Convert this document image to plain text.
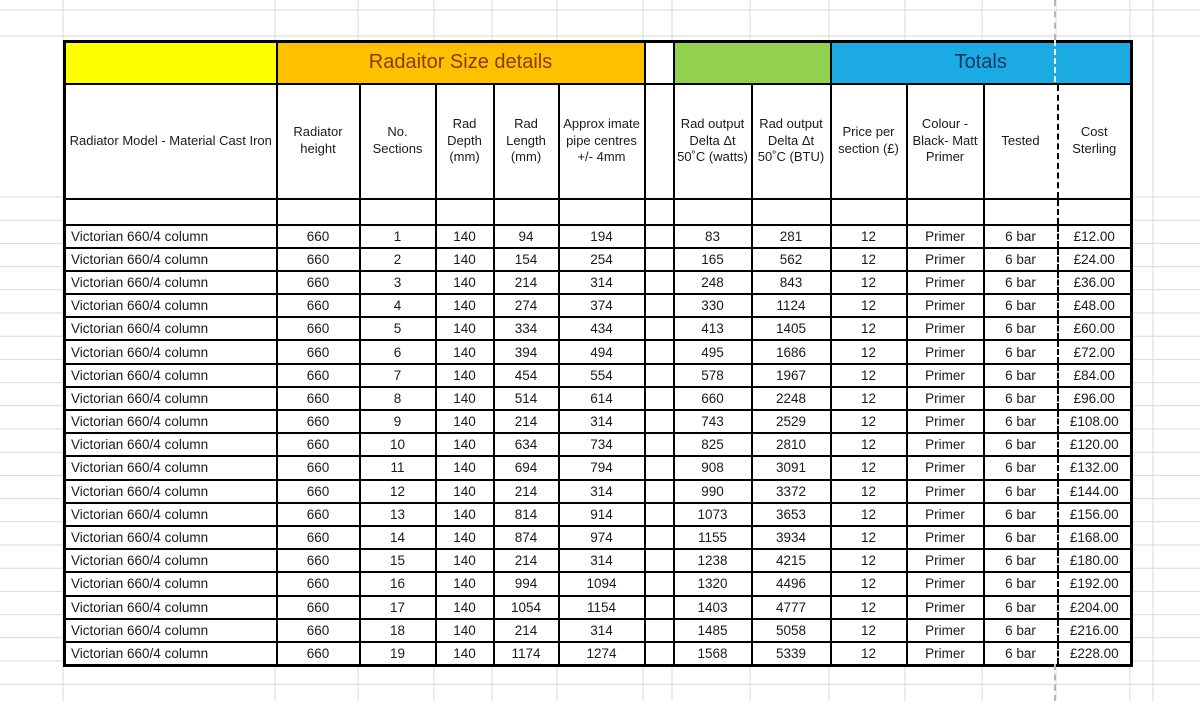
	Radaitor Size details								Totals			
Radiator Model - Material Cast Iron	Radiator height	No. Sections	Rad Depth (mm)	Rad Length (mm)	Approx imate pipe centres +/- 4mm		Rad output Delta Δt 50˚C (watts)	Rad output Delta Δt 50˚C (BTU)	Price per section (£)	Colour - Black- Matt Primer	Tested	Cost Sterling

Victorian 660/4 column	660	1	140	94	194		83	281	12	Primer	6 bar	£12.00
Victorian 660/4 column	660	2	140	154	254		165	562	12	Primer	6 bar	£24.00
Victorian 660/4 column	660	3	140	214	314		248	843	12	Primer	6 bar	£36.00
Victorian 660/4 column	660	4	140	274	374		330	1124	12	Primer	6 bar	£48.00
Victorian 660/4 column	660	5	140	334	434		413	1405	12	Primer	6 bar	£60.00
Victorian 660/4 column	660	6	140	394	494		495	1686	12	Primer	6 bar	£72.00
Victorian 660/4 column	660	7	140	454	554		578	1967	12	Primer	6 bar	£84.00
Victorian 660/4 column	660	8	140	514	614		660	2248	12	Primer	6 bar	£96.00
Victorian 660/4 column	660	9	140	214	314		743	2529	12	Primer	6 bar	£108.00
Victorian 660/4 column	660	10	140	634	734		825	2810	12	Primer	6 bar	£120.00
Victorian 660/4 column	660	11	140	694	794		908	3091	12	Primer	6 bar	£132.00
Victorian 660/4 column	660	12	140	214	314		990	3372	12	Primer	6 bar	£144.00
Victorian 660/4 column	660	13	140	814	914		1073	3653	12	Primer	6 bar	£156.00
Victorian 660/4 column	660	14	140	874	974		1155	3934	12	Primer	6 bar	£168.00
Victorian 660/4 column	660	15	140	214	314		1238	4215	12	Primer	6 bar	£180.00
Victorian 660/4 column	660	16	140	994	1094		1320	4496	12	Primer	6 bar	£192.00
Victorian 660/4 column	660	17	140	1054	1154		1403	4777	12	Primer	6 bar	£204.00
Victorian 660/4 column	660	18	140	214	314		1485	5058	12	Primer	6 bar	£216.00
Victorian 660/4 column	660	19	140	1174	1274		1568	5339	12	Primer	6 bar	£228.00
